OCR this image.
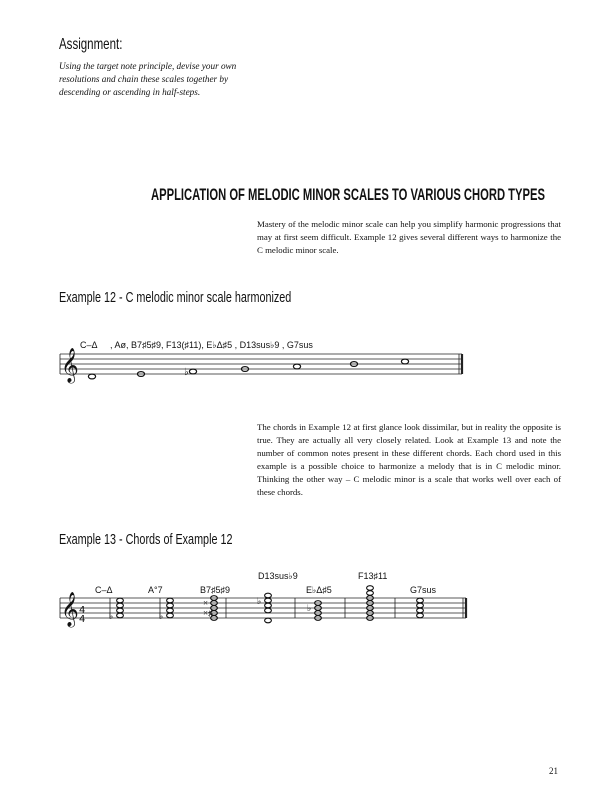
Assignment:
Using the target note principle, devise your own resolutions and chain these scales together by descending or ascending in half-steps.
APPLICATION OF MELODIC MINOR SCALES TO VARIOUS CHORD TYPES
Mastery of the melodic minor scale can help you simplify harmonic progressions that may at first seem difficult. Example 12 gives several different ways to harmonize the C melodic minor scale.
Example 12 - C melodic minor scale harmonized
𝄞
C–Δ , Aø, B7♯5♯9, F13(♯11), E♭Δ♯5 , D13sus♭9 , G7sus
♭
The chords in Example 12 at first glance look dissimilar, but in reality the opposite is true. They are actually all very closely related. Look at Example 13 and note the number of common notes present in these different chords. Each chord used in this example is a possible choice to harmonize a melody that is in C melodic minor. Thinking the other way – C melodic minor is a scale that works well over each of these chords.
Example 13 - Chords of Example 12
𝄞 4
4
C–Δ	A°7	B7♯5♯9
D13sus♭9
E♭Δ♯5
F13♯11
G7sus
♭	♭
×
×♯
♭
♭
21
